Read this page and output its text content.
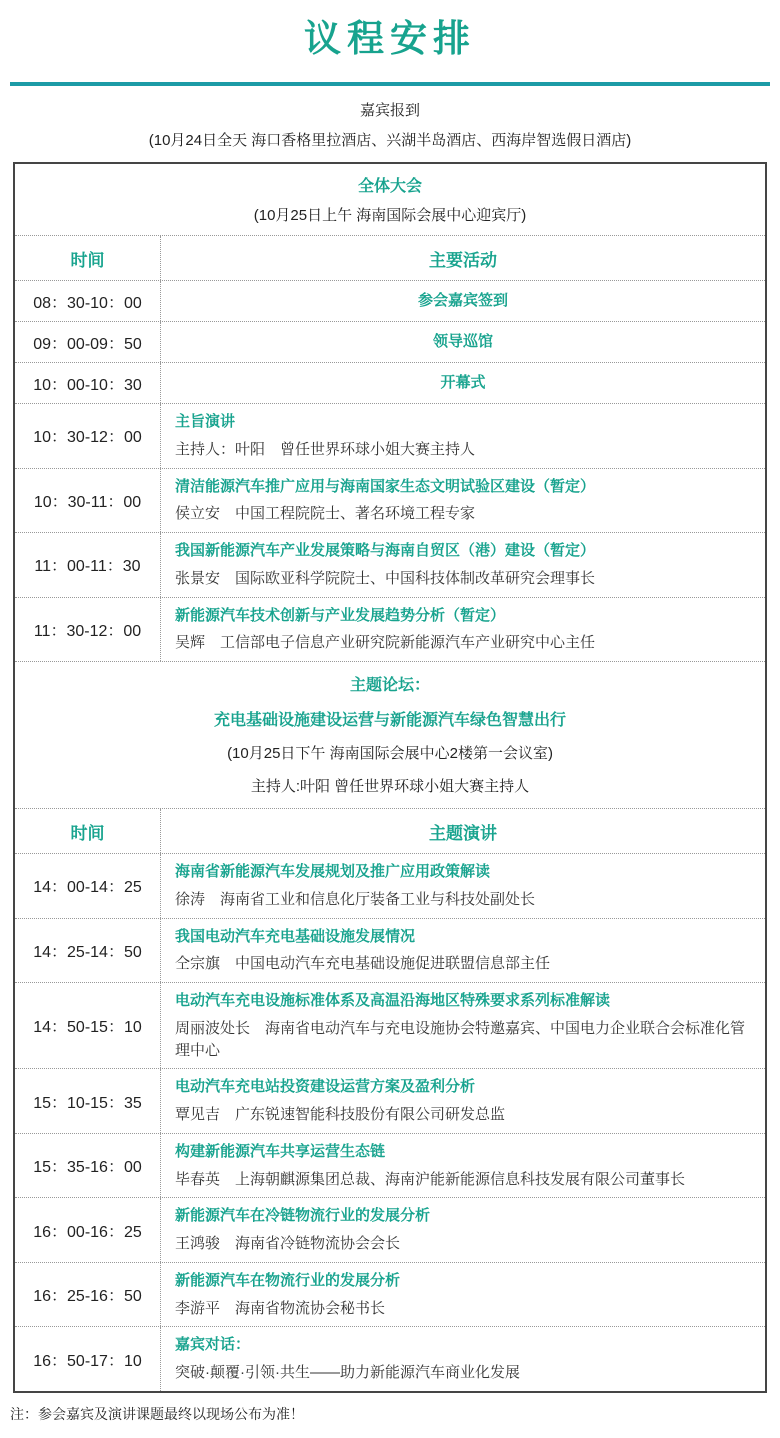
议程安排
嘉宾报到
(10月24日全天 海口香格里拉酒店、兴湖半岛酒店、西海岸智选假日酒店)
全体大会
(10月25日上午 海南国际会展中心迎宾厅)
时间	主要活动
08：30-10：00	参会嘉宾签到
09：00-09：50	领导巡馆
10：00-10：30	开幕式
10：30-12：00
主旨演讲
主持人：叶阳　曾任世界环球小姐大赛主持人
10：30-11：00
清洁能源汽车推广应用与海南国家生态文明试验区建设（暂定）
侯立安　中国工程院院士、著名环境工程专家
11：00-11：30
我国新能源汽车产业发展策略与海南自贸区（港）建设（暂定）
张景安　国际欧亚科学院院士、中国科技体制改革研究会理事长
11：30-12：00
新能源汽车技术创新与产业发展趋势分析（暂定）
吴辉　工信部电子信息产业研究院新能源汽车产业研究中心主任
主题论坛：
充电基础设施建设运营与新能源汽车绿色智慧出行
(10月25日下午 海南国际会展中心2楼第一会议室)
主持人:叶阳 曾任世界环球小姐大赛主持人
时间	主题演讲
14：00-14：25
海南省新能源汽车发展规划及推广应用政策解读
徐涛　海南省工业和信息化厅装备工业与科技处副处长
14：25-14：50
我国电动汽车充电基础设施发展情况
仝宗旗　中国电动汽车充电基础设施促进联盟信息部主任
14：50-15：10
电动汽车充电设施标准体系及高温沿海地区特殊要求系列标准解读
周丽波处长　海南省电动汽车与充电设施协会特邀嘉宾、中国电力企业联合会标准化管理中心
15：10-15：35
电动汽车充电站投资建设运营方案及盈利分析
覃见吉　广东锐速智能科技股份有限公司研发总监
15：35-16：00
构建新能源汽车共享运营生态链
毕春英　上海朝麒源集团总裁、海南沪能新能源信息科技发展有限公司董事长
16：00-16：25
新能源汽车在冷链物流行业的发展分析
王鸿骏　海南省冷链物流协会会长
16：25-16：50
新能源汽车在物流行业的发展分析
李游平　海南省物流协会秘书长
16：50-17：10
嘉宾对话：
突破·颠覆·引领·共生——助力新能源汽车商业化发展
注：参会嘉宾及演讲课题最终以现场公布为准！
